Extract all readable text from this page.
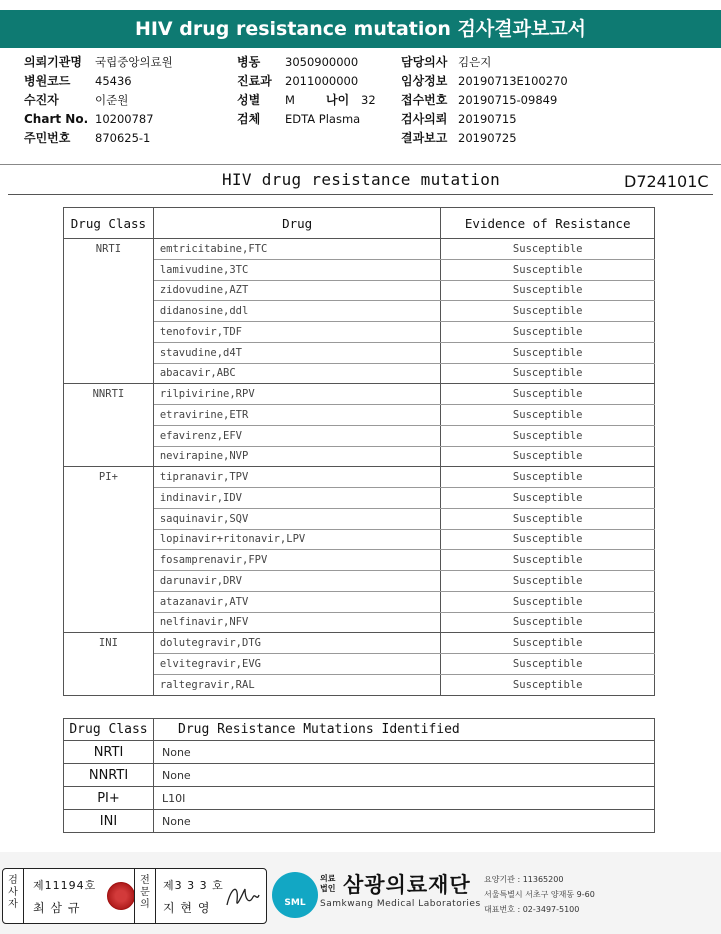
HIV drug resistance mutation 검사결과보고서
의뢰기관명 국립중앙의료원
병원코드 45436
수진자	이준원
Chart No. 10200787
주민번호 870625-1
병동 3050900000
진료과 2011000000
성별 M	나이 32
검체 EDTA Plasma
담당의사 김은지
임상정보 20190713E100270
접수번호 20190715-09849
검사의뢰 20190715
결과보고 20190725
HIV drug resistance mutation	D724101C
Drug Class	Drug	Evidence of Resistance
NRTI	emtricitabine,FTC	Susceptible
	lamivudine,3TC	Susceptible
	zidovudine,AZT	Susceptible
	didanosine,ddl	Susceptible
	tenofovir,TDF	Susceptible
	stavudine,d4T	Susceptible
	abacavir,ABC	Susceptible
NNRTI	rilpivirine,RPV	Susceptible
	etravirine,ETR	Susceptible
	efavirenz,EFV	Susceptible
	nevirapine,NVP	Susceptible
PI+	tipranavir,TPV	Susceptible
	indinavir,IDV	Susceptible
	saquinavir,SQV	Susceptible
	lopinavir+ritonavir,LPV	Susceptible
	fosamprenavir,FPV	Susceptible
	darunavir,DRV	Susceptible
	atazanavir,ATV	Susceptible
	nelfinavir,NFV	Susceptible
INI	dolutegravir,DTG	Susceptible
	elvitegravir,EVG	Susceptible
	raltegravir,RAL	Susceptible
Drug Class	Drug Resistance Mutations Identified
NRTI	None
NNRTI	None
PI+	L10I
INI	None
검
사
자
제11194호
최 삼 규
전
문
의
제3 3 3 호
지 현 영	SML
의료
법인 삼광의료재단
Samkwang Medical Laboratories
요양기관 : 11365200
서울특별시 서초구 양재동 9-60
대표번호 : 02-3497-5100
